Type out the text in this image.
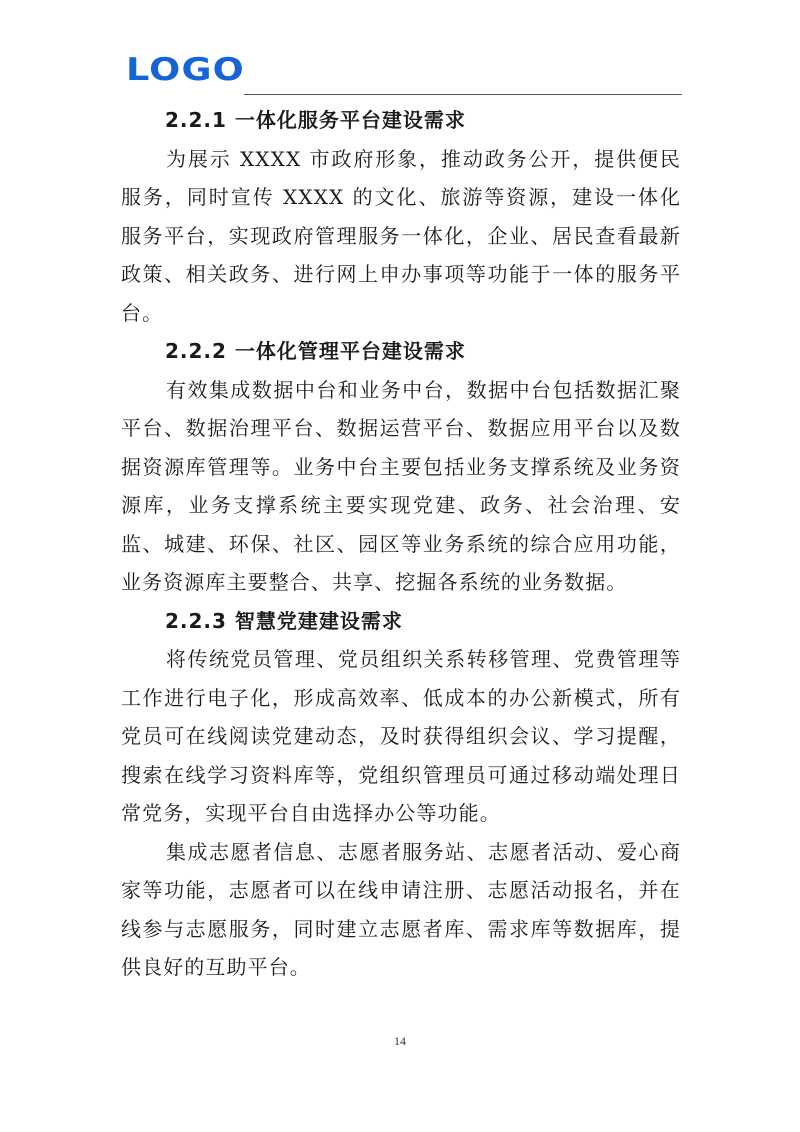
LOGO
2.2.1 一体化服务平台建设需求

为展示 XXXX 市政府形象，推动政务公开，提供便民服务，同时宣传 XXXX 的文化、旅游等资源，建设一体化服务平台，实现政府管理服务一体化，企业、居民查看最新政策、相关政务、进行网上申办事项等功能于一体的服务平台。

2.2.2 一体化管理平台建设需求

有效集成数据中台和业务中台，数据中台包括数据汇聚平台、数据治理平台、数据运营平台、数据应用平台以及数据资源库管理等。业务中台主要包括业务支撑系统及业务资源库，业务支撑系统主要实现党建、政务、社会治理、安监、城建、环保、社区、园区等业务系统的综合应用功能，业务资源库主要整合、共享、挖掘各系统的业务数据。

2.2.3 智慧党建建设需求

将传统党员管理、党员组织关系转移管理、党费管理等工作进行电子化，形成高效率、低成本的办公新模式，所有党员可在线阅读党建动态，及时获得组织会议、学习提醒，搜索在线学习资料库等，党组织管理员可通过移动端处理日常党务，实现平台自由选择办公等功能。

集成志愿者信息、志愿者服务站、志愿者活动、爱心商家等功能，志愿者可以在线申请注册、志愿活动报名，并在线参与志愿服务，同时建立志愿者库、需求库等数据库，提供良好的互助平台。

14
